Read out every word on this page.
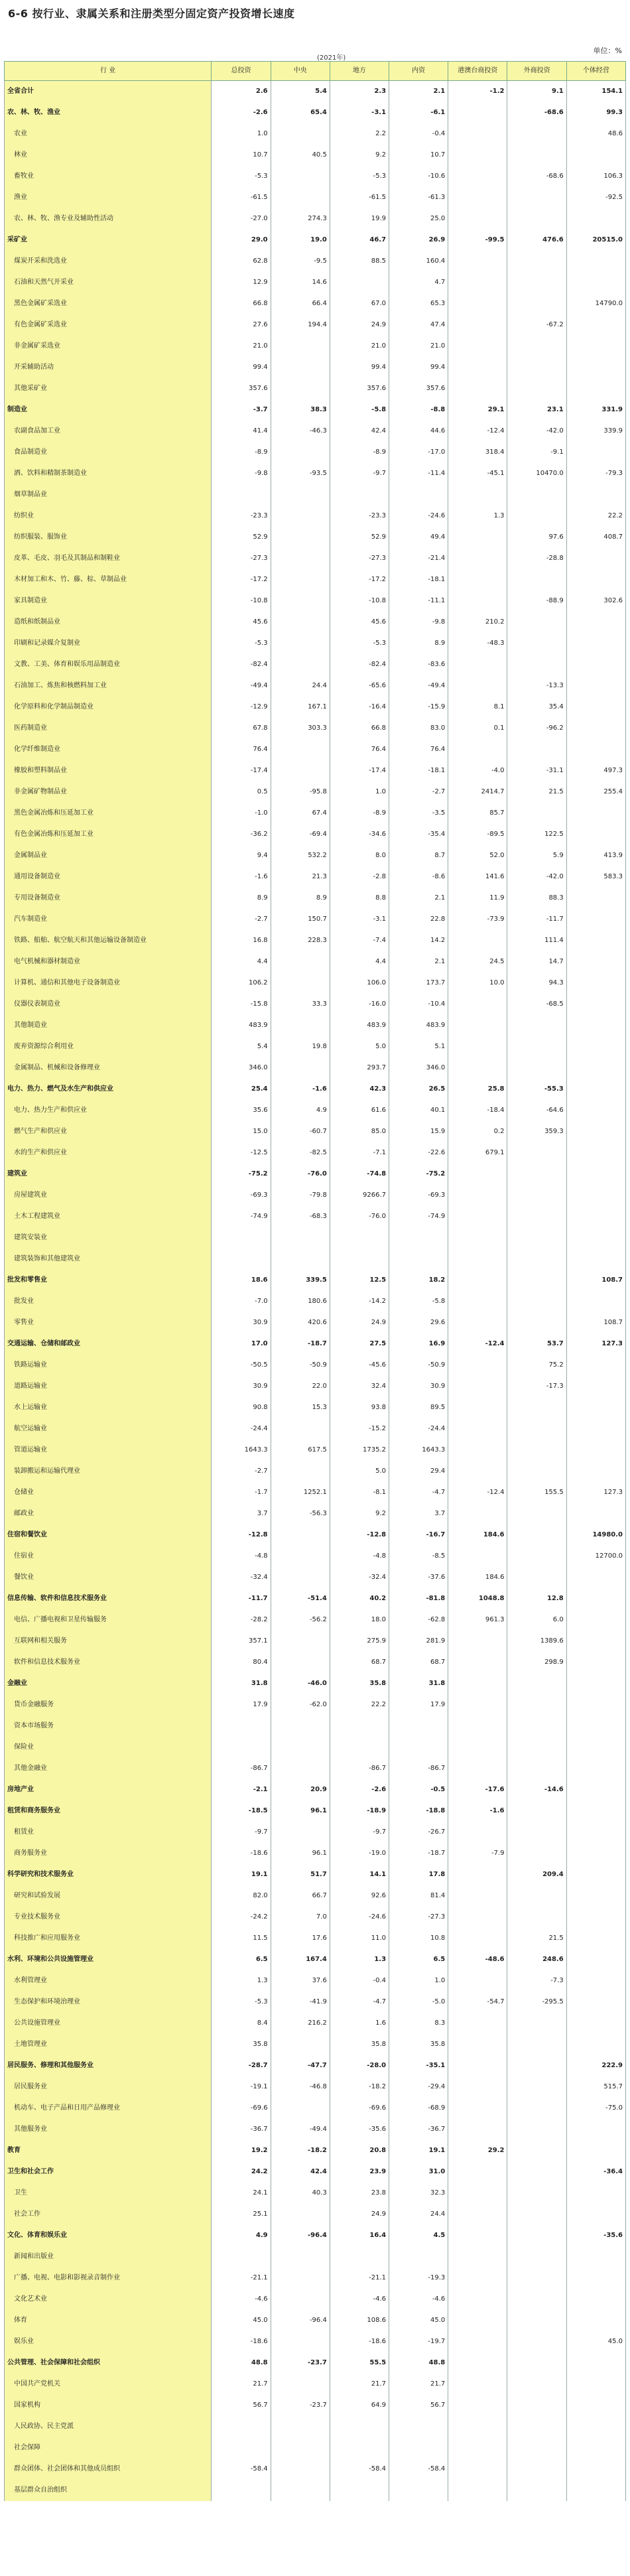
6-6 按行业、隶属关系和注册类型分固定资产投资增长速度
(2021年)
单位：%
行 业	总投资	中央	地方	内资	港澳台商投资	外商投资	个体经营
全省合计	2.6	5.4	2.3	2.1	-1.2	9.1	154.1
农、林、牧、渔业	-2.6	65.4	-3.1	-6.1		-68.6	99.3
农业	1.0		2.2	-0.4			48.6
林业	10.7	40.5	9.2	10.7			
畜牧业	-5.3		-5.3	-10.6		-68.6	106.3
渔业	-61.5		-61.5	-61.3			-92.5
农、林、牧、渔专业及辅助性活动	-27.0	274.3	19.9	25.0			
采矿业	29.0	19.0	46.7	26.9	-99.5	476.6	20515.0
煤炭开采和洗选业	62.8	-9.5	88.5	160.4			
石油和天然气开采业	12.9	14.6		4.7			
黑色金属矿采选业	66.8	66.4	67.0	65.3			14790.0
有色金属矿采选业	27.6	194.4	24.9	47.4		-67.2	
非金属矿采选业	21.0		21.0	21.0			
开采辅助活动	99.4		99.4	99.4			
其他采矿业	357.6		357.6	357.6			
制造业	-3.7	38.3	-5.8	-8.8	29.1	23.1	331.9
农副食品加工业	41.4	-46.3	42.4	44.6	-12.4	-42.0	339.9
食品制造业	-8.9		-8.9	-17.0	318.4	-9.1	
酒、饮料和精制茶制造业	-9.8	-93.5	-9.7	-11.4	-45.1	10470.0	-79.3
烟草制品业							
纺织业	-23.3		-23.3	-24.6	1.3		22.2
纺织服装、服饰业	52.9		52.9	49.4		97.6	408.7
皮革、毛皮、羽毛及其制品和制鞋业	-27.3		-27.3	-21.4		-28.8	
木材加工和木、竹、藤、棕、草制品业	-17.2		-17.2	-18.1			
家具制造业	-10.8		-10.8	-11.1		-88.9	302.6
造纸和纸制品业	45.6		45.6	-9.8	210.2		
印刷和记录媒介复制业	-5.3		-5.3	8.9	-48.3		
文教、工美、体育和娱乐用品制造业	-82.4		-82.4	-83.6			
石油加工、炼焦和核燃料加工业	-49.4	24.4	-65.6	-49.4		-13.3	
化学原料和化学制品制造业	-12.9	167.1	-16.4	-15.9	8.1	35.4	
医药制造业	67.8	303.3	66.8	83.0	0.1	-96.2	
化学纤维制造业	76.4		76.4	76.4			
橡胶和塑料制品业	-17.4		-17.4	-18.1	-4.0	-31.1	497.3
非金属矿物制品业	0.5	-95.8	1.0	-2.7	2414.7	21.5	255.4
黑色金属冶炼和压延加工业	-1.0	67.4	-8.9	-3.5	85.7		
有色金属冶炼和压延加工业	-36.2	-69.4	-34.6	-35.4	-89.5	122.5	
金属制品业	9.4	532.2	8.0	8.7	52.0	5.9	413.9
通用设备制造业	-1.6	21.3	-2.8	-8.6	141.6	-42.0	583.3
专用设备制造业	8.9	8.9	8.8	2.1	11.9	88.3	
汽车制造业	-2.7	150.7	-3.1	22.8	-73.9	-11.7	
铁路、船舶、航空航天和其他运输设备制造业	16.8	228.3	-7.4	14.2		111.4	
电气机械和器材制造业	4.4		4.4	2.1	24.5	14.7	
计算机、通信和其他电子设备制造业	106.2		106.0	173.7	10.0	94.3	
仪器仪表制造业	-15.8	33.3	-16.0	-10.4		-68.5	
其他制造业	483.9		483.9	483.9			
废弃资源综合利用业	5.4	19.8	5.0	5.1			
金属制品、机械和设备修理业	346.0		293.7	346.0			
电力、热力、燃气及水生产和供应业	25.4	-1.6	42.3	26.5	25.8	-55.3	
电力、热力生产和供应业	35.6	4.9	61.6	40.1	-18.4	-64.6	
燃气生产和供应业	15.0	-60.7	85.0	15.9	0.2	359.3	
水的生产和供应业	-12.5	-82.5	-7.1	-22.6	679.1		
建筑业	-75.2	-76.0	-74.8	-75.2			
房屋建筑业	-69.3	-79.8	9266.7	-69.3			
土木工程建筑业	-74.9	-68.3	-76.0	-74.9			
建筑安装业							
建筑装饰和其他建筑业							
批发和零售业	18.6	339.5	12.5	18.2			108.7
批发业	-7.0	180.6	-14.2	-5.8			
零售业	30.9	420.6	24.9	29.6			108.7
交通运输、仓储和邮政业	17.0	-18.7	27.5	16.9	-12.4	53.7	127.3
铁路运输业	-50.5	-50.9	-45.6	-50.9		75.2	
道路运输业	30.9	22.0	32.4	30.9		-17.3	
水上运输业	90.8	15.3	93.8	89.5			
航空运输业	-24.4		-15.2	-24.4			
管道运输业	1643.3	617.5	1735.2	1643.3			
装卸搬运和运输代理业	-2.7		5.0	29.4			
仓储业	-1.7	1252.1	-8.1	-4.7	-12.4	155.5	127.3
邮政业	3.7	-56.3	9.2	3.7			
住宿和餐饮业	-12.8		-12.8	-16.7	184.6		14980.0
住宿业	-4.8		-4.8	-8.5			12700.0
餐饮业	-32.4		-32.4	-37.6	184.6		
信息传输、软件和信息技术服务业	-11.7	-51.4	40.2	-81.8	1048.8	12.8	
电信、广播电视和卫星传输服务	-28.2	-56.2	18.0	-62.8	961.3	6.0	
互联网和相关服务	357.1		275.9	281.9		1389.6	
软件和信息技术服务业	80.4		68.7	68.7		298.9	
金融业	31.8	-46.0	35.8	31.8			
货币金融服务	17.9	-62.0	22.2	17.9			
资本市场服务							
保险业							
其他金融业	-86.7		-86.7	-86.7			
房地产业	-2.1	20.9	-2.6	-0.5	-17.6	-14.6	
租赁和商务服务业	-18.5	96.1	-18.9	-18.8	-1.6		
租赁业	-9.7		-9.7	-26.7			
商务服务业	-18.6	96.1	-19.0	-18.7	-7.9		
科学研究和技术服务业	19.1	51.7	14.1	17.8		209.4	
研究和试验发展	82.0	66.7	92.6	81.4			
专业技术服务业	-24.2	7.0	-24.6	-27.3			
科技推广和应用服务业	11.5	17.6	11.0	10.8		21.5	
水利、环境和公共设施管理业	6.5	167.4	1.3	6.5	-48.6	248.6	
水利管理业	1.3	37.6	-0.4	1.0		-7.3	
生态保护和环境治理业	-5.3	-41.9	-4.7	-5.0	-54.7	-295.5	
公共设施管理业	8.4	216.2	1.6	8.3			
土地管理业	35.8		35.8	35.8			
居民服务、修理和其他服务业	-28.7	-47.7	-28.0	-35.1			222.9
居民服务业	-19.1	-46.8	-18.2	-29.4			515.7
机动车、电子产品和日用产品修理业	-69.6		-69.6	-68.9			-75.0
其他服务业	-36.7	-49.4	-35.6	-36.7			
教育	19.2	-18.2	20.8	19.1	29.2		
卫生和社会工作	24.2	42.4	23.9	31.0			-36.4
卫生	24.1	40.3	23.8	32.3			
社会工作	25.1		24.9	24.4			
文化、体育和娱乐业	4.9	-96.4	16.4	4.5			-35.6
新闻和出版业							
广播、电视、电影和影视录音制作业	-21.1		-21.1	-19.3			
文化艺术业	-4.6		-4.6	-4.6			
体育	45.0	-96.4	108.6	45.0			
娱乐业	-18.6		-18.6	-19.7			45.0
公共管理、社会保障和社会组织	48.8	-23.7	55.5	48.8			
中国共产党机关	21.7		21.7	21.7			
国家机构	56.7	-23.7	64.9	56.7			
人民政协、民主党派							
社会保障							
群众团体、社会团体和其他成员组织	-58.4		-58.4	-58.4			
基层群众自治组织							
